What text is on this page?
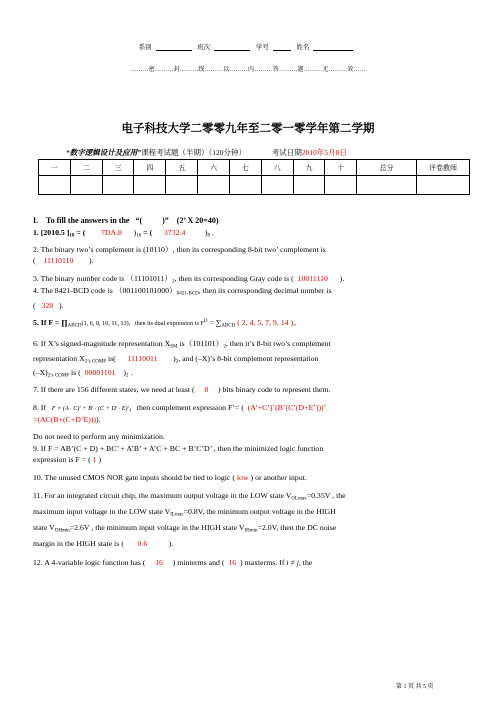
系别	班次	学号	姓名
………密………封………线………以………内………答………题………无………效……
电子科技大学二零零九年至二零一零学年第二学期
“数字逻辑设计及应用”课程考试题（半期）（120分钟）	考试日期2010年5月8日
一	二	三	四	五	六	七	八	九	十	总分	评卷教师

I.    To fill the answers in the   “(          )”    (2’ X 20=40)
1. [2010.5 ]$_{10}$ = ( 7DA.8 )$_{16}$ = ( 3732.4	)$_8$ .
2. The binary two’s complement is (10110）, then its corresponding 8-bit two’ complement is
( 11110110 ).
3. The binary number code is $(11101011)_2$, then its corresponding Gray code is ( 10011110 ).
4. The 8421-BCD code is $(001100101000)_{8421-BCD}$, then its corresponding decimal number is
( 328 ).
5. If $F = \prod_{ABCD}(1$, 6, 8, 10, 11, 13)，then its dual expression is $F^D = \sum_{ABCD}$ ( 2, 4, 5, 7, 9, 14 )。
6. If X’s signed-magnitude representation $X_{SM}$ $is(101101)_2$, then it’s 8-bit two’s complement
representation $X_{2’s COMP}$ is( 11110011 )$_2$, and (–X)’s 8-bit complement representation
$(-X)_{2’s COMP}$ is ( 00001101 )$_2$ .
7. If there are 156 different states, we need at least ( 8 ) bits binary code to represent them.
8. If F = (A · C)′ + B′ · (C + D′ · E)′，then complement expression F’= ( (A’+C’)’(B’(C’(D+E’)))’
=(AC(B+(C+D’E)))).
Do not need to perform any minimization.
9. If F = AB’(C + D) + BC’ + A’B’ + A’C + BC + B’C’D’ , then the minimized logic function
expression is F = ( 1 )
10. The unused CMOS NOR gate inputs should be tied to logic ( low ) or another input.
11. For an integrated circuit chip, the maximum output voltage in the LOW state $V_{OLmax}=0.35V$ , the
maximum input voltage in the LOW state $V_{ILmax}=0.8V$, the minimum output voltage in the HIGH
state $V_{OHmin}=2.6V$ , the minimum input voltage in the HIGH state $V_{IHmin}=2.0V$, then the DC noise
margin in the HIGH state is ( 0.6	).
12. A 4-variable logic function has ( 16 ) minterms and ( 16 ) maxterms. If i ≠ j, the
第 1 页 共 5 页
